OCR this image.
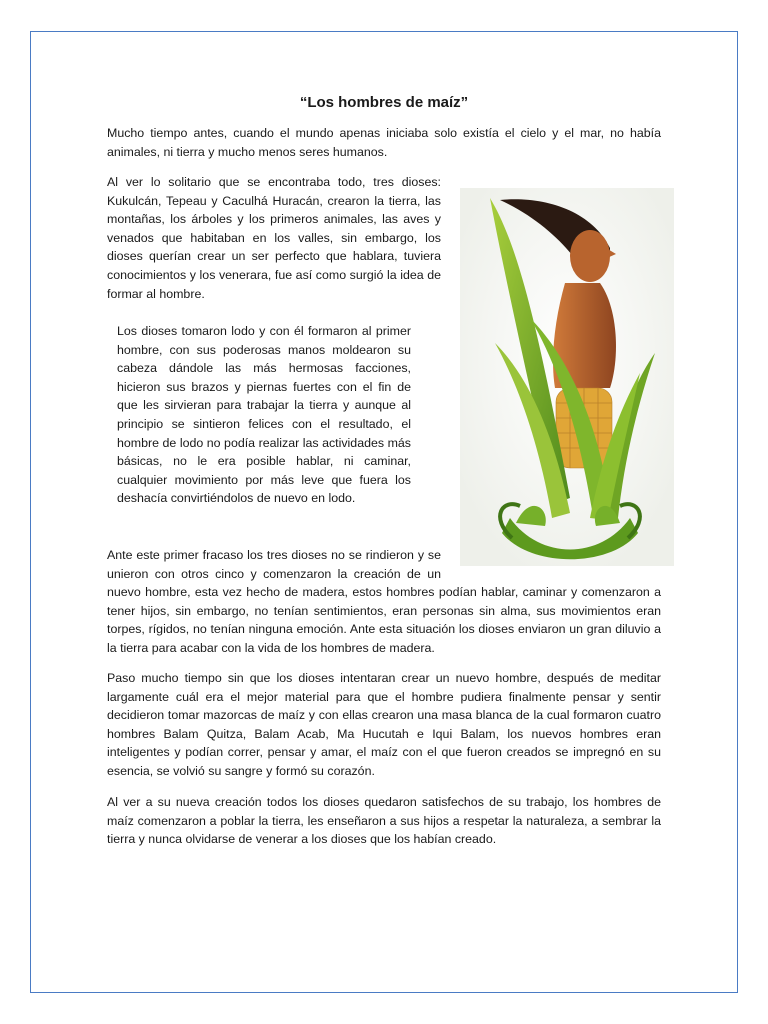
“Los hombres de maíz”

Mucho tiempo antes, cuando el mundo apenas iniciaba solo existía el cielo y el mar, no había animales, ni tierra y mucho menos seres humanos.

Al ver lo solitario que se encontraba todo, tres dioses: Kukulcán, Tepeau y Caculhá Huracán, crearon la tierra, las montañas, los árboles y los primeros animales, las aves y venados que habitaban en los valles, sin embargo, los dioses querían crear un ser perfecto que hablara, tuviera conocimientos y los venerara, fue así como surgió la idea de formar al hombre.

Los dioses tomaron lodo y con él formaron al primer hombre, con sus poderosas manos moldearon su cabeza dándole las más hermosas facciones, hicieron sus brazos y piernas fuertes con el fin de que les sirvieran para trabajar la tierra y aunque al principio se sintieron felices con el resultado, el hombre de lodo no podía realizar las actividades más básicas, no le era posible hablar, ni caminar, cualquier movimiento por más leve que fuera los deshacía convirtiéndolos de nuevo en lodo.

Ante este primer fracaso los tres dioses no se rindieron y se unieron con otros cinco y comenzaron la creación de un

nuevo hombre, esta vez hecho de madera, estos hombres podían hablar, caminar y comenzaron a tener hijos, sin embargo, no tenían sentimientos, eran personas sin alma, sus movimientos eran torpes, rígidos, no tenían ninguna emoción. Ante esta situación los dioses enviaron un gran diluvio a la tierra para acabar con la vida de los hombres de madera.

Paso mucho tiempo sin que los dioses intentaran crear un nuevo hombre, después de meditar largamente cuál era el mejor material para que el hombre pudiera finalmente pensar y sentir decidieron tomar mazorcas de maíz y con ellas crearon una masa blanca de la cual formaron cuatro hombres Balam Quitza, Balam Acab, Ma Hucutah e Iqui Balam, los nuevos hombres eran inteligentes y podían correr, pensar y amar, el maíz con el que fueron creados se impregnó en su esencia, se volvió su sangre y formó su corazón.

Al ver a su nueva creación todos los dioses quedaron satisfechos de su trabajo, los hombres de maíz comenzaron a poblar la tierra, les enseñaron a sus hijos a respetar la naturaleza, a sembrar la tierra y nunca olvidarse de venerar a los dioses que los habían creado.
